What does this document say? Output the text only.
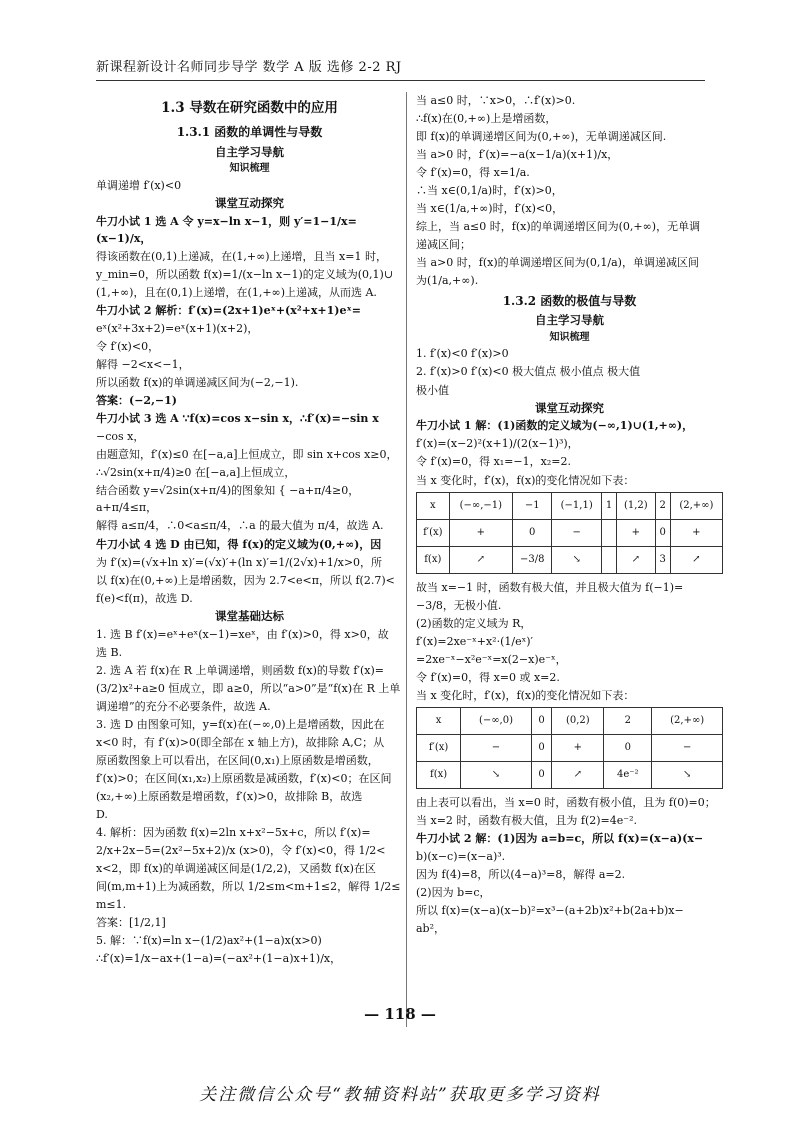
新课程新设计名师同步导学 数学 A 版 选修 2-2 RJ
1.3 导数在研究函数中的应用
1.3.1 函数的单调性与导数
自主学习导航
知识梳理

单调递增 f′(x)<0

课堂互动探究

牛刀小试 1 选 A 令 y=x−ln x−1，则 y′=1−1/x=(x−1)/x，

得该函数在(0,1)上递减，在(1,+∞)上递增，且当 x=1 时，

y_min=0，所以函数 f(x)=1/(x−ln x−1)的定义域为(0,1)∪

(1,+∞)，且在(0,1)上递增，在(1,+∞)上递减，从而选 A.

牛刀小试 2 解析：f′(x)=(2x+1)eˣ+(x²+x+1)eˣ=

eˣ(x²+3x+2)=eˣ(x+1)(x+2)，

令 f′(x)<0，

解得 −2<x<−1，

所以函数 f(x)的单调递减区间为(−2,−1).

答案：(−2,−1)

牛刀小试 3 选 A ∵f(x)=cos x−sin x，∴f′(x)=−sin x

−cos x，

由题意知，f′(x)≤0 在[−a,a]上恒成立，即 sin x+cos x≥0，

∴√2sin(x+π/4)≥0 在[−a,a]上恒成立，

结合函数 y=√2sin(x+π/4)的图象知 { −a+π/4≥0，a+π/4≤π，

解得 a≤π/4，∴0<a≤π/4，∴a 的最大值为 π/4，故选 A.

牛刀小试 4 选 D 由已知，得 f(x)的定义域为(0,+∞)，因

为 f′(x)=(√x+ln x)′=(√x)′+(ln x)′=1/(2√x)+1/x>0，所

以 f(x)在(0,+∞)上是增函数，因为 2.7<e<π，所以 f(2.7)<

f(e)<f(π)，故选 D.

课堂基础达标

1. 选 B f′(x)=eˣ+eˣ(x−1)=xeˣ，由 f′(x)>0，得 x>0，故

选 B.

2. 选 A 若 f(x)在 R 上单调递增，则函数 f(x)的导数 f′(x)=

(3/2)x²+a≥0 恒成立，即 a≥0，所以“a>0”是“f(x)在 R 上单

调递增”的充分不必要条件，故选 A.

3. 选 D 由图象可知，y=f(x)在(−∞,0)上是增函数，因此在

x<0 时，有 f′(x)>0(即全部在 x 轴上方)，故排除 A,C；从

原函数图象上可以看出，在区间(0,x₁)上原函数是增函数，

f′(x)>0；在区间(x₁,x₂)上原函数是减函数，f′(x)<0；在区间

(x₂,+∞)上原函数是增函数，f′(x)>0，故排除 B，故选

D.

4. 解析：因为函数 f(x)=2ln x+x²−5x+c，所以 f′(x)=

2/x+2x−5=(2x²−5x+2)/x (x>0)，令 f′(x)<0，得 1/2<

x<2，即 f(x)的单调递减区间是(1/2,2)，又函数 f(x)在区

间(m,m+1)上为减函数，所以 1/2≤m<m+1≤2，解得 1/2≤

m≤1.

答案：[1/2,1]

5. 解：∵f(x)=ln x−(1/2)ax²+(1−a)x(x>0)

∴f′(x)=1/x−ax+(1−a)=(−ax²+(1−a)x+1)/x，

当 a≤0 时，∵x>0，∴f′(x)>0.

∴f(x)在(0,+∞)上是增函数，

即 f(x)的单调递增区间为(0,+∞)，无单调递减区间.

当 a>0 时，f′(x)=−a(x−1/a)(x+1)/x，

令 f′(x)=0，得 x=1/a.

∴当 x∈(0,1/a)时，f′(x)>0，

当 x∈(1/a,+∞)时，f′(x)<0，

综上，当 a≤0 时，f(x)的单调递增区间为(0,+∞)，无单调

递减区间；

当 a>0 时，f(x)的单调递增区间为(0,1/a)，单调递减区间

为(1/a,+∞).

1.3.2 函数的极值与导数
自主学习导航
知识梳理

1. f′(x)<0 f′(x)>0

2. f′(x)>0 f′(x)<0 极大值点 极小值点 极大值

极小值

课堂互动探究

牛刀小试 1 解：(1)函数的定义域为(−∞,1)∪(1,+∞)，

f′(x)=(x−2)²(x+1)/(2(x−1)³)，

令 f′(x)=0，得 x₁=−1，x₂=2.

当 x 变化时，f′(x)，f(x)的变化情况如下表：

x	(−∞,−1)	−1	(−1,1)	1	(1,2)	2	(2,+∞)
f′(x)	+	0	−		+	0	+
f(x)	↗	−3/8	↘		↗	3	↗

故当 x=−1 时，函数有极大值，并且极大值为 f(−1)=

−3/8，无极小值.

(2)函数的定义域为 R，

f′(x)=2xe⁻ˣ+x²·(1/eˣ)′

=2xe⁻ˣ−x²e⁻ˣ=x(2−x)e⁻ˣ，

令 f′(x)=0，得 x=0 或 x=2.

当 x 变化时，f′(x)，f(x)的变化情况如下表：

x	(−∞,0)	0	(0,2)	2	(2,+∞)
f′(x)	−	0	+	0	−
f(x)	↘	0	↗	4e⁻²	↘

由上表可以看出，当 x=0 时，函数有极小值，且为 f(0)=0；

当 x=2 时，函数有极大值，且为 f(2)=4e⁻².

牛刀小试 2 解：(1)因为 a=b=c，所以 f(x)=(x−a)(x−

b)(x−c)=(x−a)³.

因为 f(4)=8，所以(4−a)³=8，解得 a=2.

(2)因为 b=c，

所以 f(x)=(x−a)(x−b)²=x³−(a+2b)x²+b(2a+b)x−

ab²，

— 118 —
关注微信公众号“教辅资料站”获取更多学习资料
